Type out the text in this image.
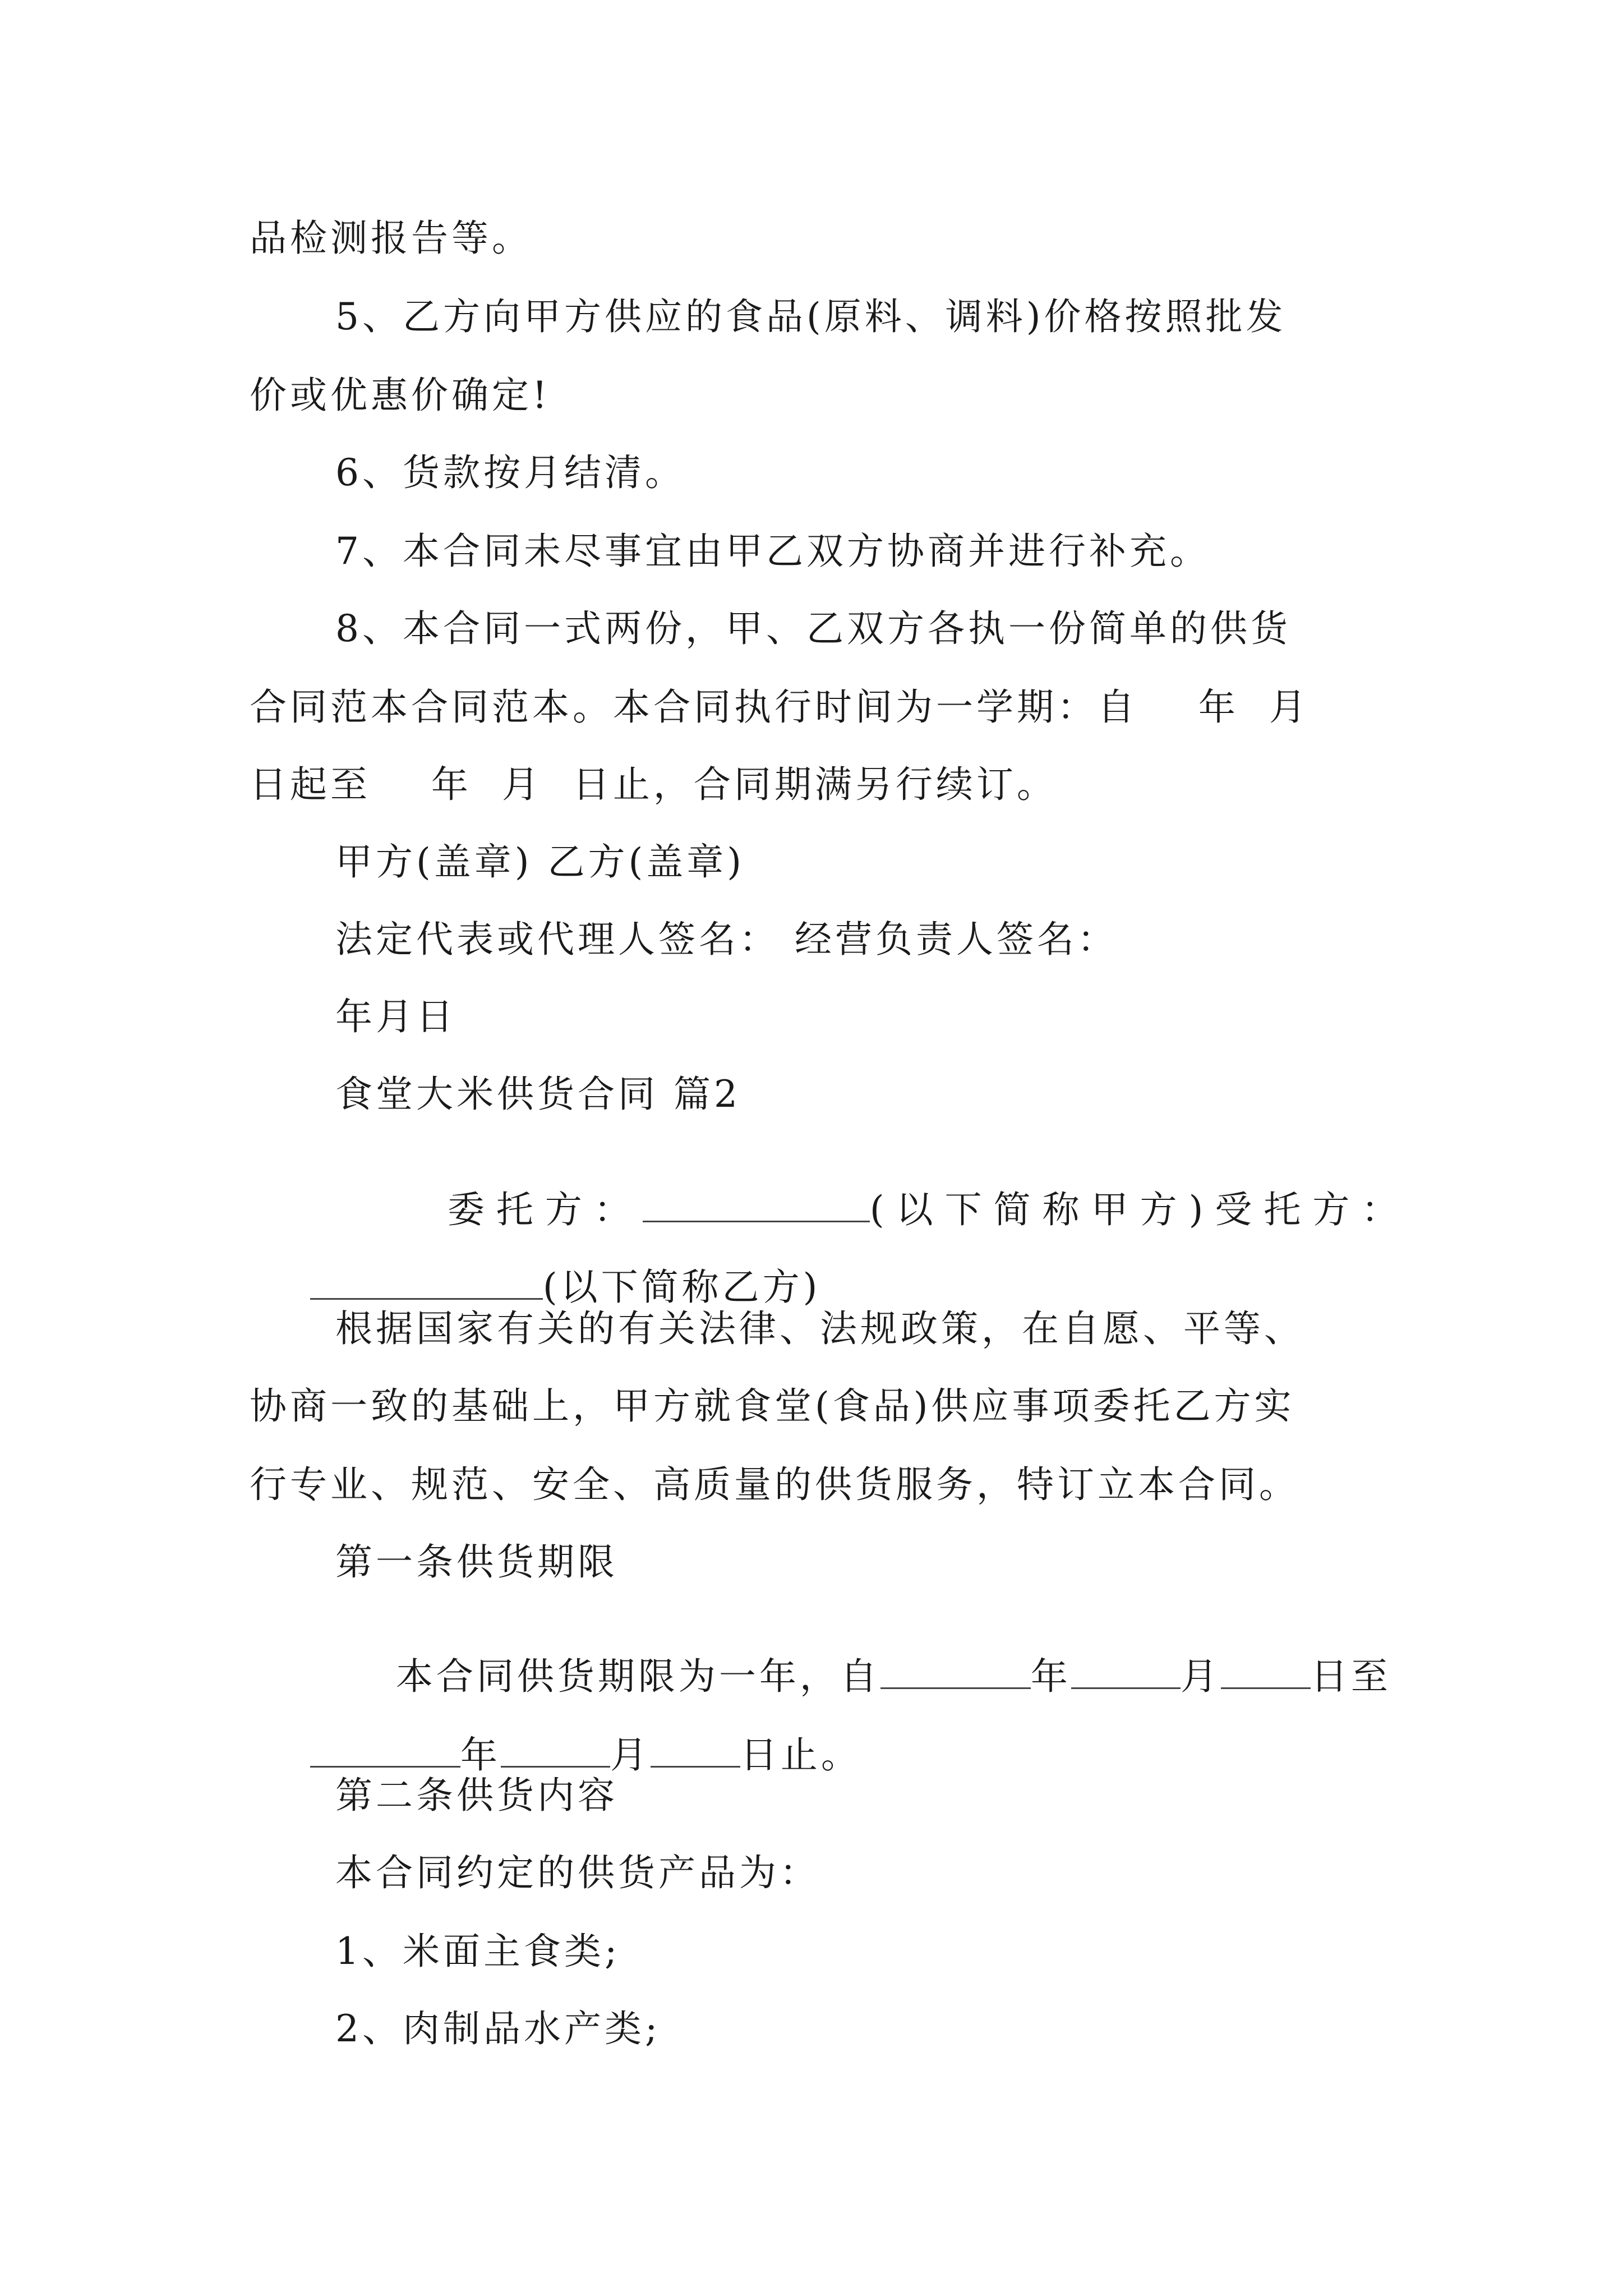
品检测报告等。
5、乙方向甲方供应的食品(原料、调料)价格按照批发
价或优惠价确定!
6、货款按月结清。
7、本合同未尽事宜由甲乙双方协商并进行补充。
8、本合同一式两份，甲、乙双方各执一份简单的供货
合同范本合同范本。本合同执行时间为一学期：自    年  月
日起至    年  月  日止，合同期满另行续订。
甲方(盖章) 乙方(盖章)
法定代表或代理人签名： 经营负责人签名：
年月日
食堂大米供货合同 篇2

委托方：	(以下简称甲方)受托方：

(以下简称乙方)

根据国家有关的有关法律、法规政策，在自愿、平等、
协商一致的基础上，甲方就食堂(食品)供应事项委托乙方实
行专业、规范、安全、高质量的供货服务，特订立本合同。
第一条供货期限

本合同供货期限为一年，自	年	月 日至

年	月 日止。

第二条供货内容
本合同约定的供货产品为：
1、米面主食类;
2、肉制品水产类;
